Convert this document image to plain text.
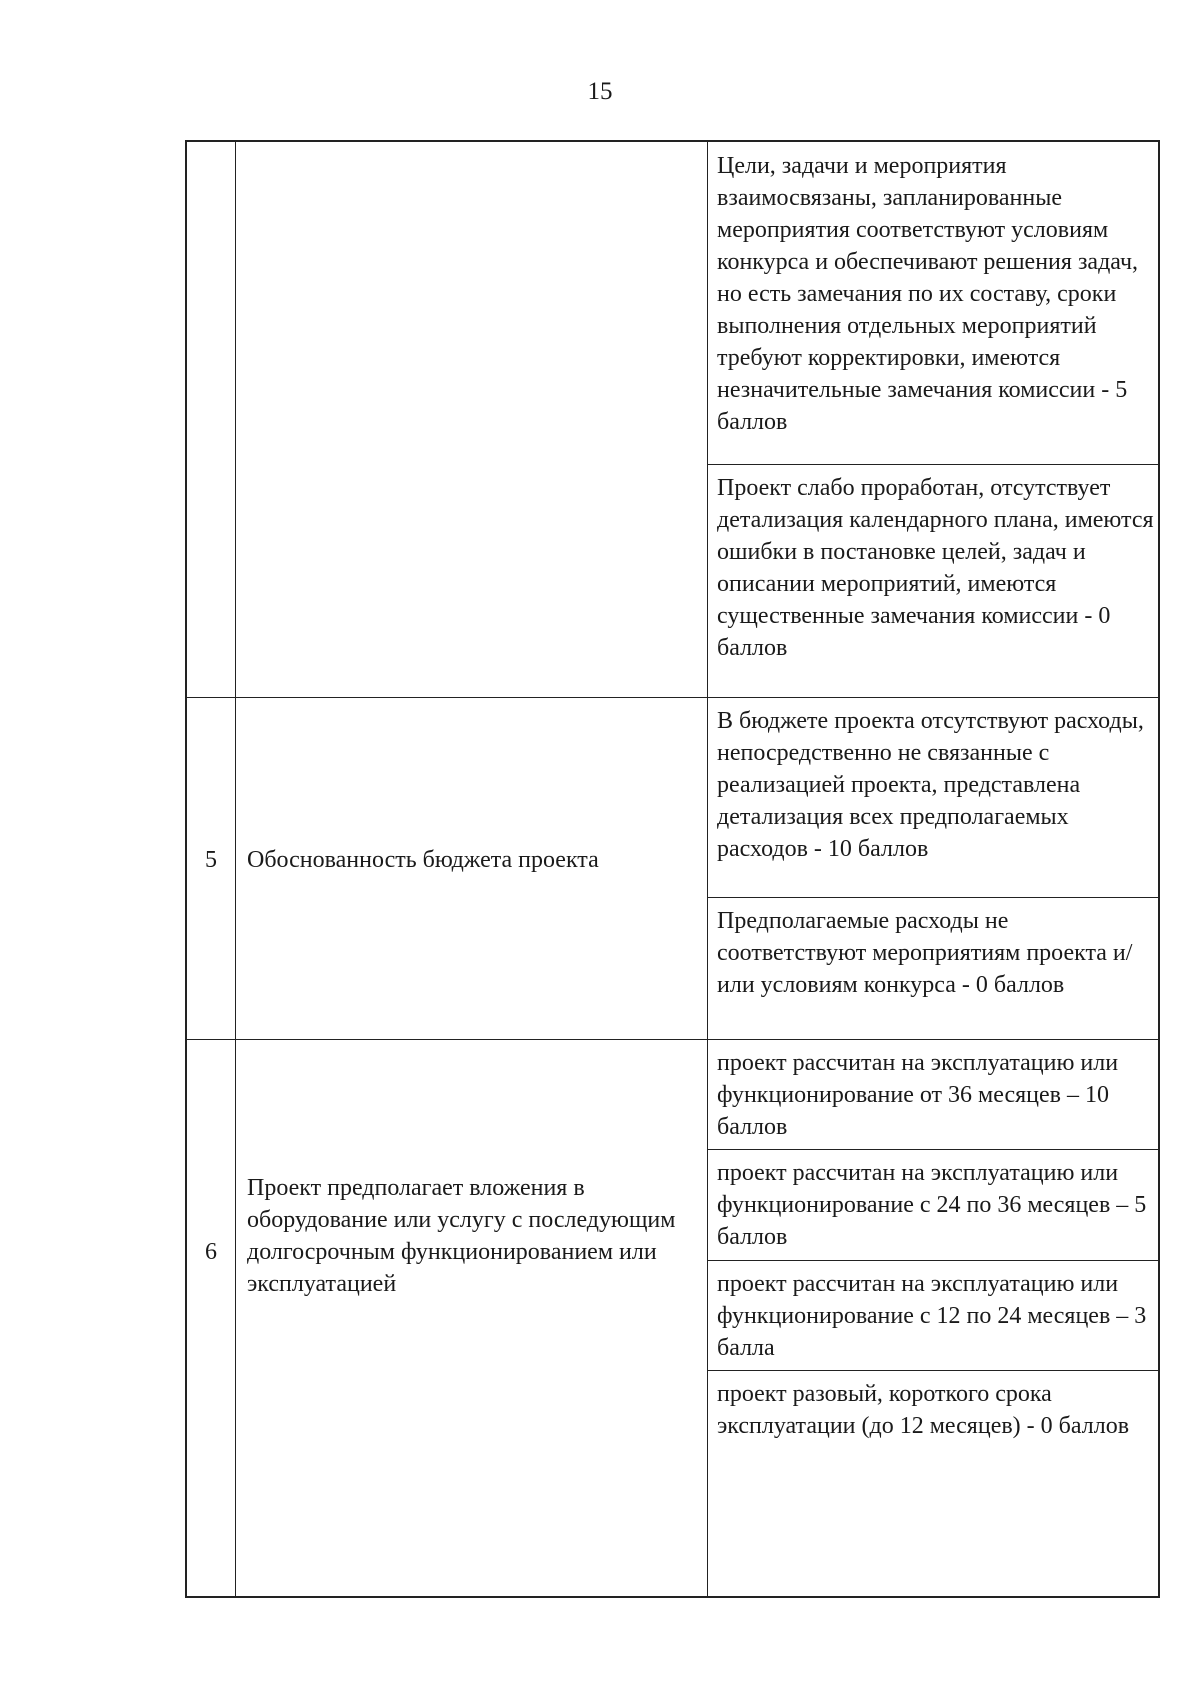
15
Цели, задачи и мероприятия взаимосвязаны, запланированные мероприятия соответствуют условиям конкурса и обеспечивают решения задач, но есть замечания по их составу, сроки выполнения отдельных мероприятий требуют корректировки, имеются незначительные замечания комиссии - 5 баллов
Проект слабо проработан, отсутствует детализация календарного плана, имеются ошибки в постановке целей, задач и описании мероприятий, имеются существенные замечания комиссии - 0 баллов
5	Обоснованность бюджета проекта
В бюджете проекта отсутствуют расходы, непосредственно не связанные с реализацией проекта, представлена детализация всех предполагаемых расходов - 10 баллов
Предполагаемые расходы не соответствуют мероприятиям проекта и/или условиям конкурса - 0 баллов
6
Проект предполагает вложения в оборудование или услугу с последующим долгосрочным функционированием или эксплуатацией
проект рассчитан на эксплуатацию или функционирование от 36 месяцев – 10 баллов
проект рассчитан на эксплуатацию или функционирование с 24 по 36 месяцев – 5 баллов
проект рассчитан на эксплуатацию или функционирование с 12 по 24 месяцев – 3 балла
проект разовый, короткого срока эксплуатации (до 12 месяцев) - 0 баллов
